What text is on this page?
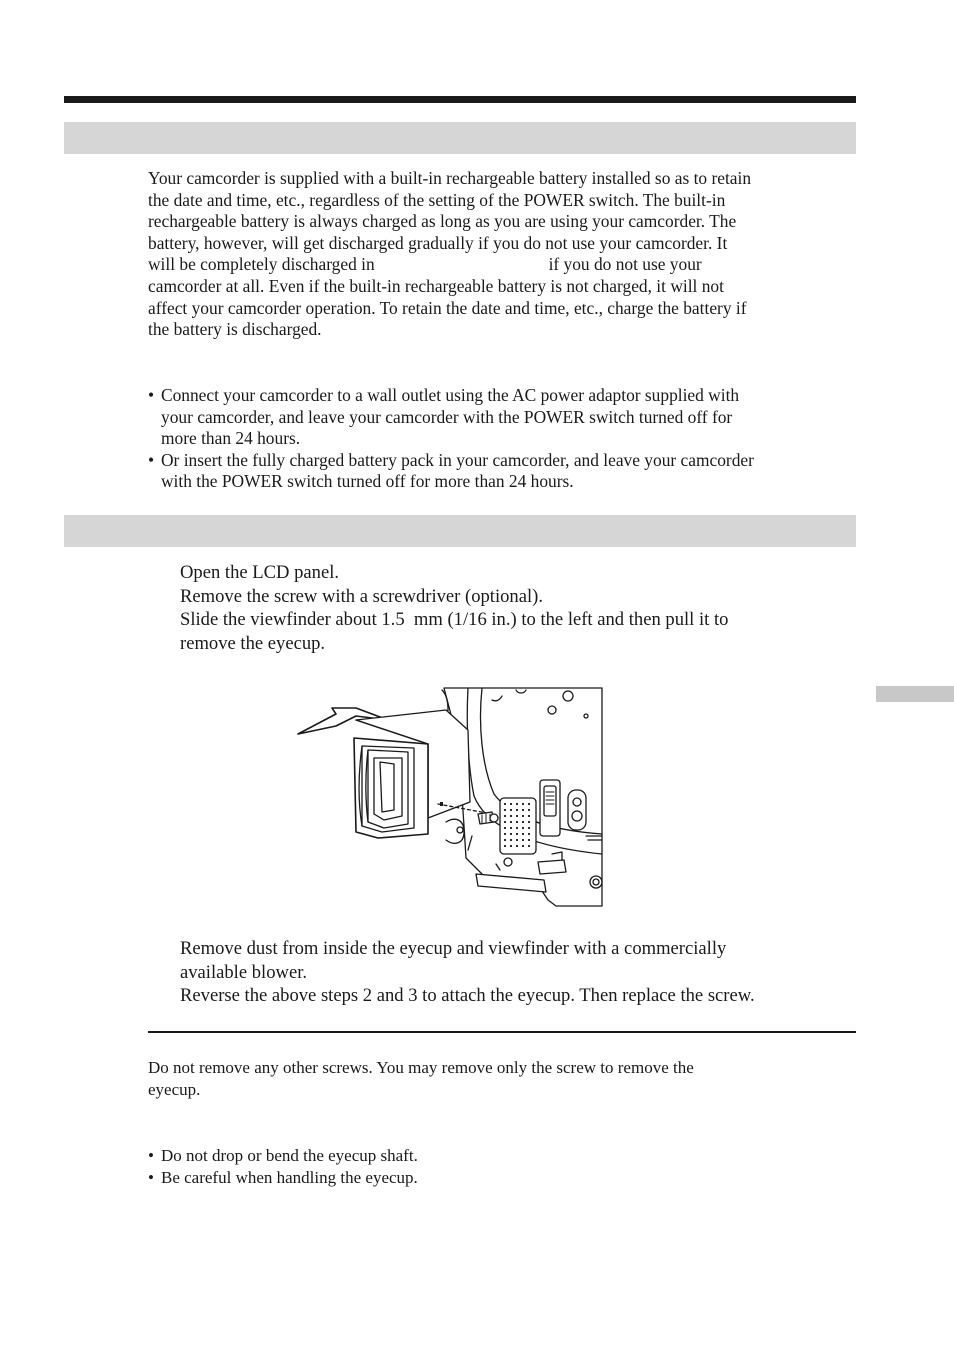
Your camcorder is supplied with a built-in rechargeable battery installed so as to retain
the date and time, etc., regardless of the setting of the POWER switch. The built-in
rechargeable battery is always charged as long as you are using your camcorder. The
battery, however, will get discharged gradually if you do not use your camcorder. It
will be completely discharged in                                        if you do not use your
camcorder at all. Even if the built-in rechargeable battery is not charged, it will not
affect your camcorder operation. To retain the date and time, etc., charge the battery if
the battery is discharged.

• Connect your camcorder to a wall outlet using the AC power adaptor supplied with
your camcorder, and leave your camcorder with the POWER switch turned off for
more than 24 hours.
• Or insert the fully charged battery pack in your camcorder, and leave your camcorder
with the POWER switch turned off for more than 24 hours.
Open the LCD panel.
Remove the screw with a screwdriver (optional).
Slide the viewfinder about 1.5  mm (1/16 in.) to the left and then pull it to
remove the eyecup.
Remove dust from inside the eyecup and viewfinder with a commercially
available blower.
Reverse the above steps 2 and 3 to attach the eyecup. Then replace the screw.

Do not remove any other screws. You may remove only the screw to remove the
eyecup.

• Do not drop or bend the eyecup shaft.
• Be careful when handling the eyecup.
